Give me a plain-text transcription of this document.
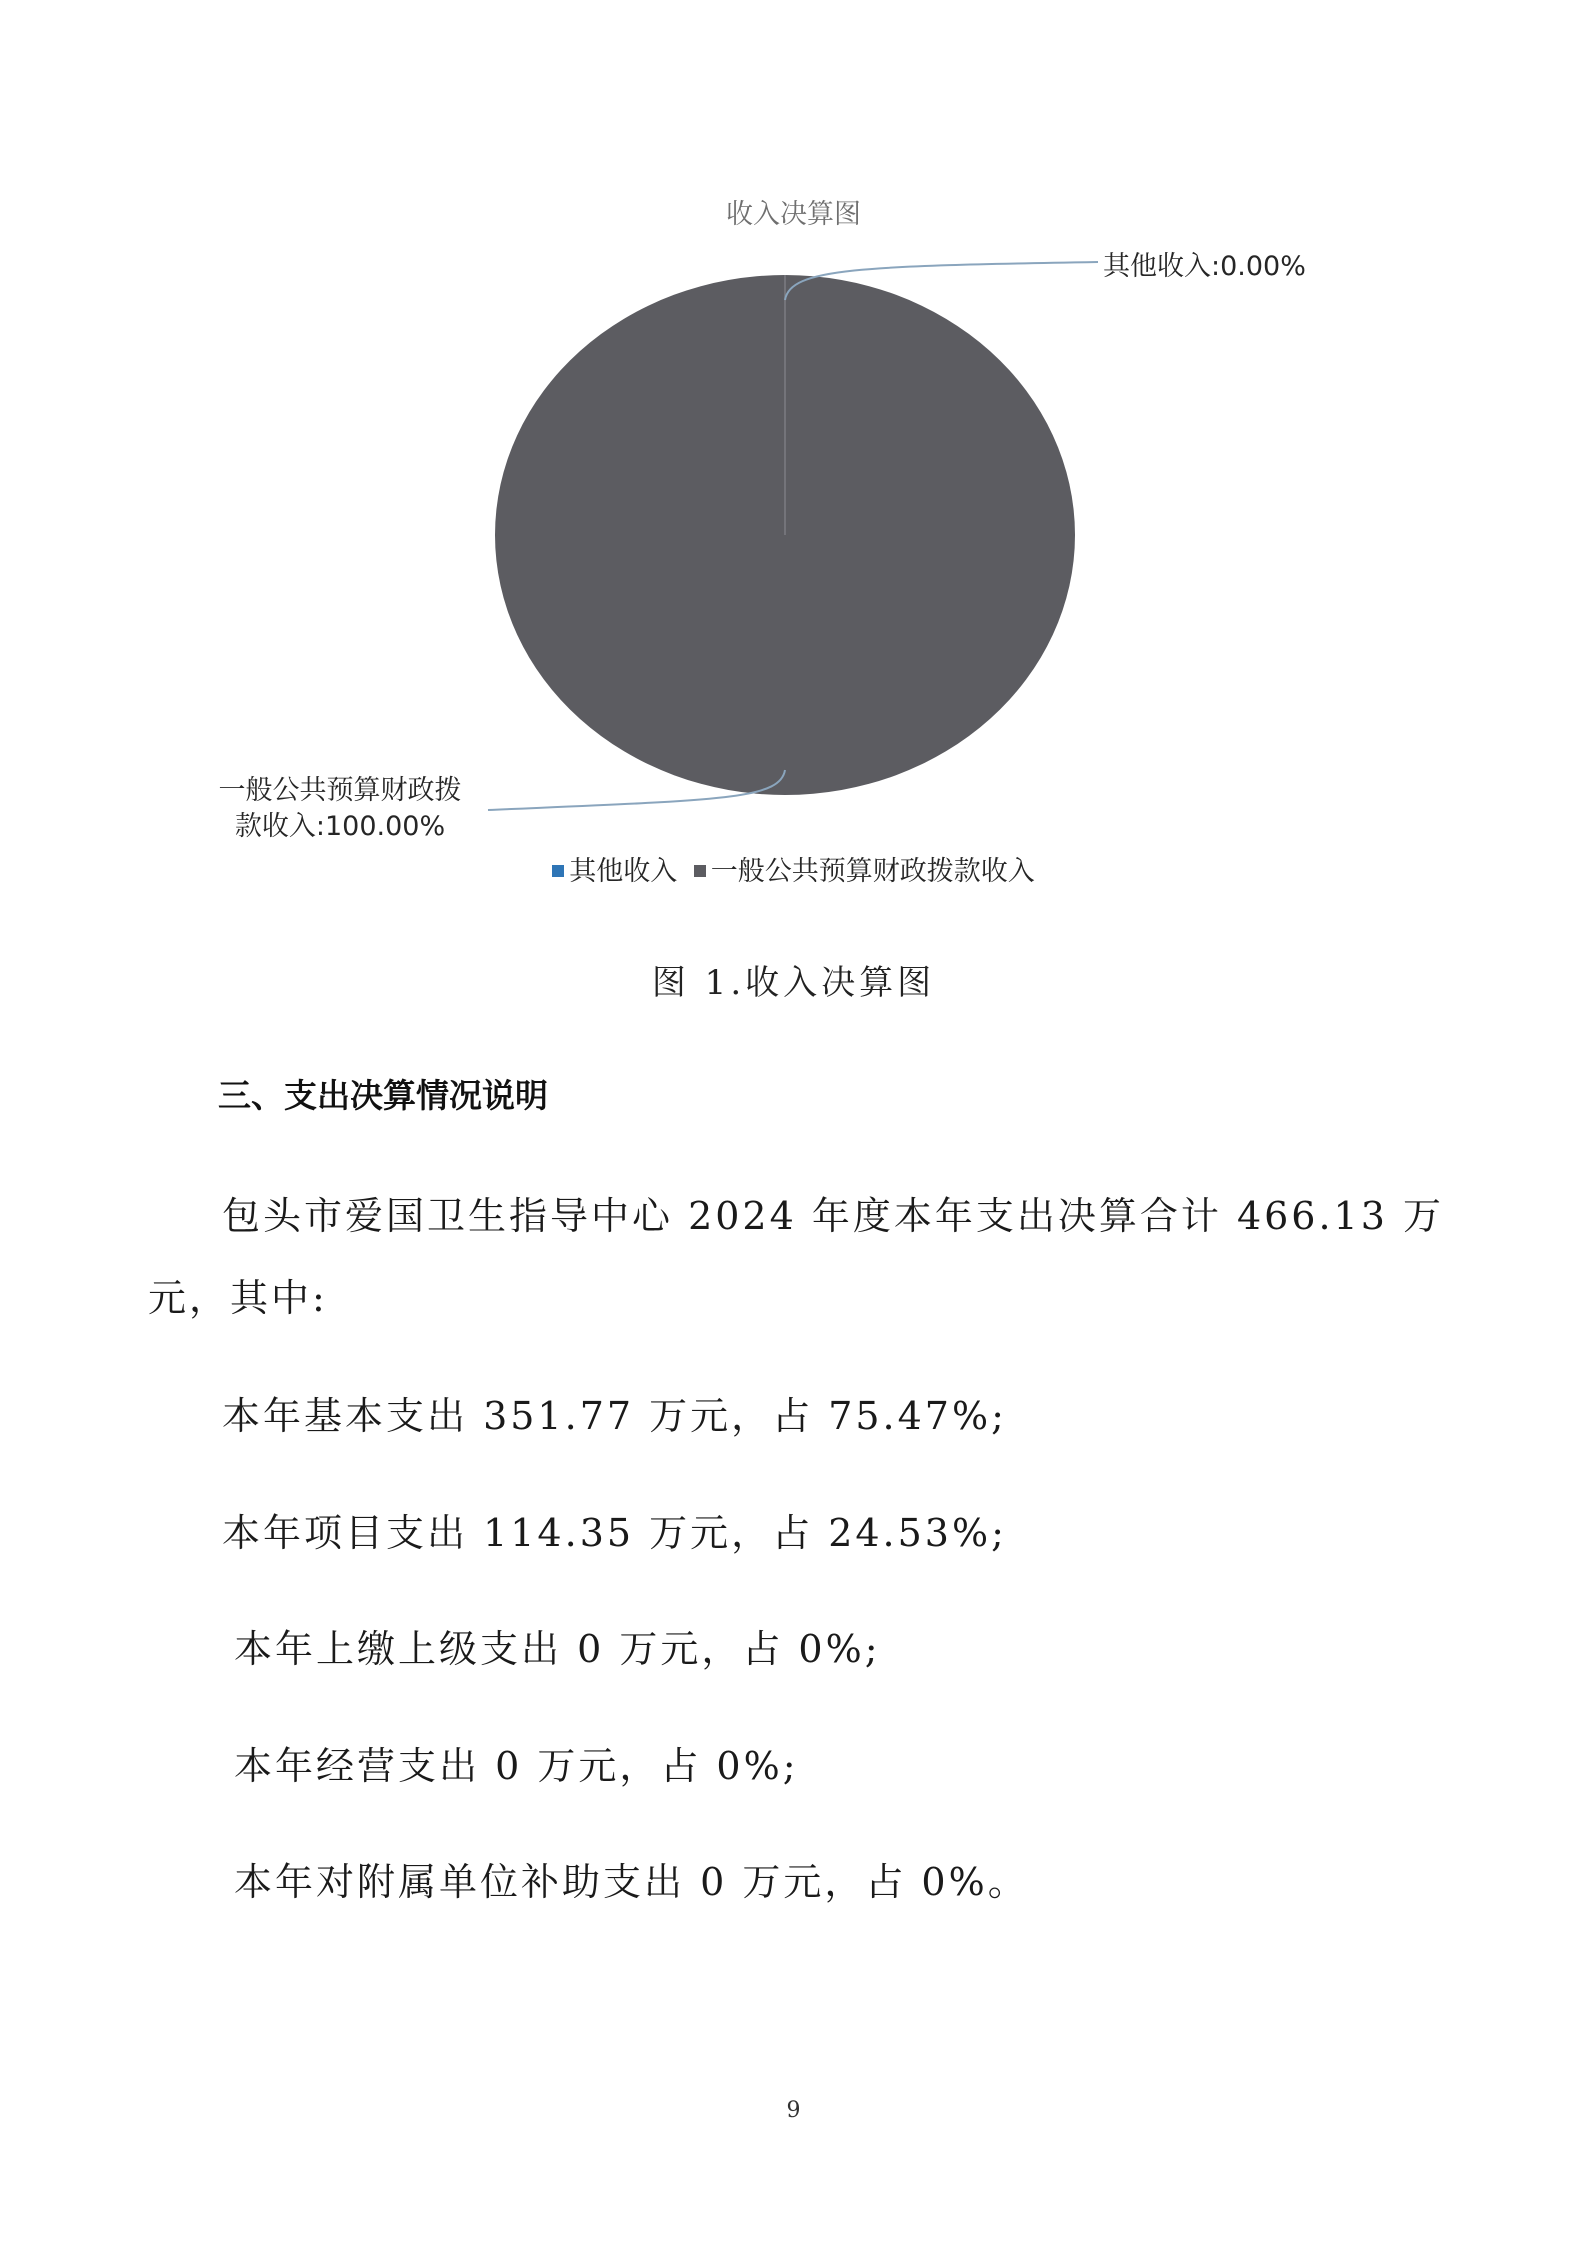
收入决算图
其他收入:0.00%
一般公共预算财政拨
款收入:100.00%
其他收入 一般公共预算财政拨款收入
图 1.收入决算图
三、支出决算情况说明
包头市爱国卫生指导中心 2024 年度本年支出决算合计 466.13 万元，其中:
本年基本支出 351.77 万元，占 75.47%;
本年项目支出 114.35 万元，占 24.53%;
本年上缴上级支出 0 万元，占 0%;
本年经营支出 0 万元，占 0%;
本年对附属单位补助支出 0 万元，占 0%。
9
